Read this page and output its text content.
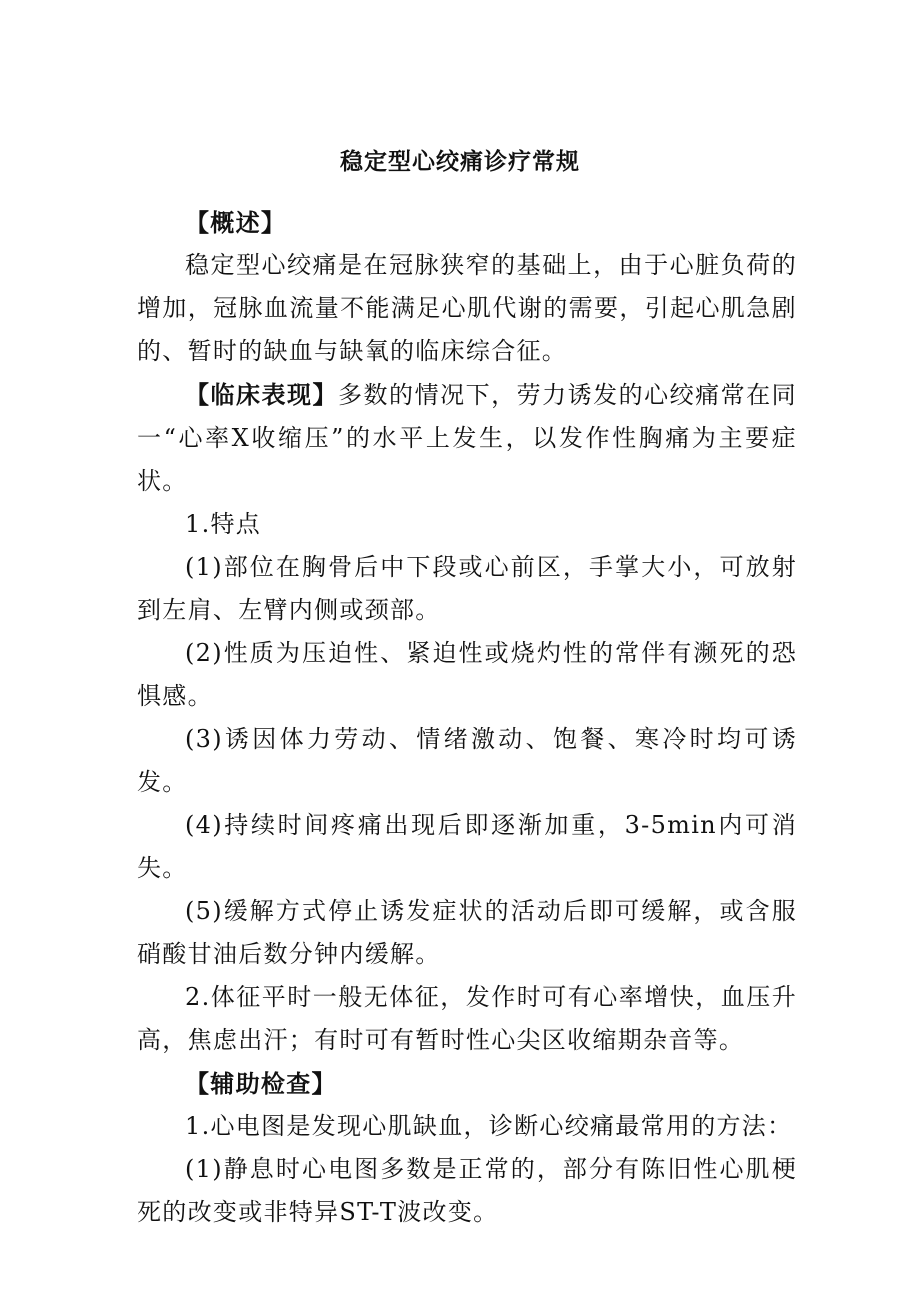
稳定型心绞痛诊疗常规

【概述】

稳定型心绞痛是在冠脉狭窄的基础上，由于心脏负荷的增加，冠脉血流量不能满足心肌代谢的需要，引起心肌急剧的、暂时的缺血与缺氧的临床综合征。

【临床表现】多数的情况下，劳力诱发的心绞痛常在同一“心率X收缩压”的水平上发生，以发作性胸痛为主要症状。

1.特点

(1)部位在胸骨后中下段或心前区，手掌大小，可放射到左肩、左臂内侧或颈部。

(2)性质为压迫性、紧迫性或烧灼性的常伴有濒死的恐惧感。

(3)诱因体力劳动、情绪激动、饱餐、寒冷时均可诱发。

(4)持续时间疼痛出现后即逐渐加重，3-5min内可消失。

(5)缓解方式停止诱发症状的活动后即可缓解，或含服硝酸甘油后数分钟内缓解。

2.体征平时一般无体征，发作时可有心率增快，血压升高，焦虑出汗；有时可有暂时性心尖区收缩期杂音等。

【辅助检查】

1.心电图是发现心肌缺血，诊断心绞痛最常用的方法：

(1)静息时心电图多数是正常的，部分有陈旧性心肌梗死的改变或非特异ST-T波改变。
